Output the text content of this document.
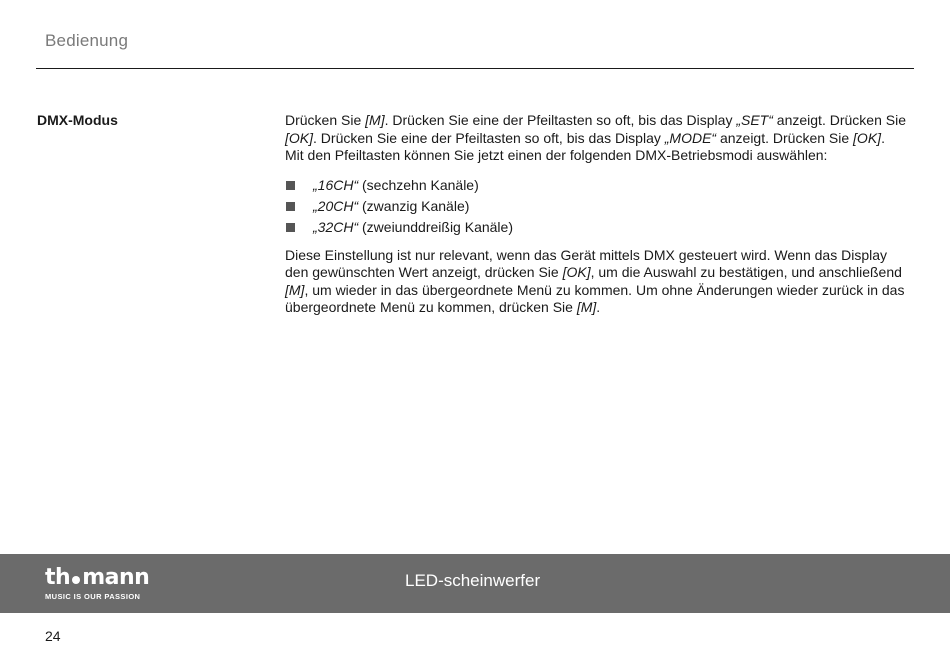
Bedienung
DMX-Modus	Drücken Sie [M]. Drücken Sie eine der Pfeiltasten so oft, bis das Display „SET“ anzeigt. Drücken Sie [OK]. Drücken Sie eine der Pfeiltasten so oft, bis das Display „MODE“ anzeigt. Drücken Sie [OK]. Mit den Pfeiltasten können Sie jetzt einen der folgenden DMX-Betriebsmodi auswählen:

„16CH“ (sechzehn Kanäle)
„20CH“ (zwanzig Kanäle)
„32CH“ (zweiunddreißig Kanäle)

Diese Einstellung ist nur relevant, wenn das Gerät mittels DMX gesteuert wird. Wenn das Display den gewünschten Wert anzeigt, drücken Sie [OK], um die Auswahl zu bestätigen, und anschließend [M], um wieder in das übergeordnete Menü zu kommen. Um ohne Änderungen wieder zurück in das übergeordnete Menü zu kommen, drücken Sie [M].

th mann
MUSIC IS OUR PASSION
LED-scheinwerfer
24
